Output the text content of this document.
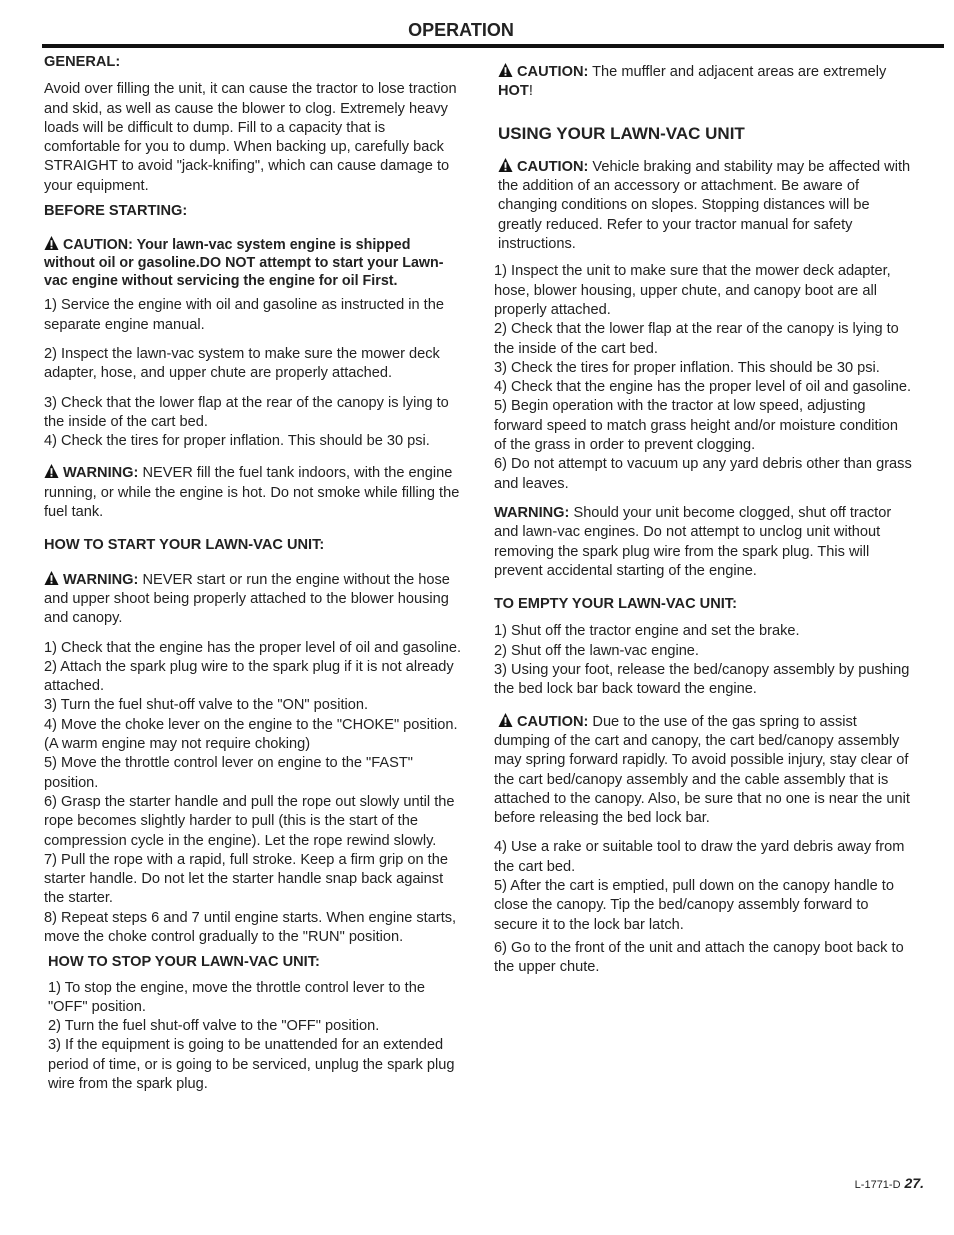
OPERATION

GENERAL:

Avoid over filling the unit, it can cause the tractor to lose traction and skid, as well as cause the blower to clog. Extremely heavy loads will be difficult to dump. Fill to a capacity that is comfortable for you to dump. When backing up, carefully back STRAIGHT to avoid "jack-knifing", which can cause damage to your equipment.

BEFORE STARTING:

CAUTION: Your lawn-vac system engine is shipped without oil or gasoline.DO NOT attempt to start your Lawn-vac engine without servicing the engine for oil First.

1) Service the engine with oil and gasoline as instructed in the separate engine manual.

2) Inspect the lawn-vac system to make sure the mower deck adapter, hose, and upper chute are properly attached.

3) Check that the lower flap at the rear of the canopy is lying to the inside of the cart bed.

4) Check the tires for proper inflation. This should be 30 psi.

WARNING: NEVER fill the fuel tank indoors, with the engine running, or while the engine is hot. Do not smoke while filling the fuel tank.

HOW TO START YOUR LAWN-VAC UNIT:

WARNING: NEVER start or run the engine without the hose and upper shoot being properly attached to the blower housing and canopy.

1) Check that the engine has the proper level of oil and gasoline.

2) Attach the spark plug wire to the spark plug if it is not already attached.

3) Turn the fuel shut-off valve to the "ON" position.

4) Move the choke lever on the engine to the "CHOKE" position. (A warm engine may not require choking)

5) Move the throttle control lever on engine to the "FAST" position.

6) Grasp the starter handle and pull the rope out slowly until the rope becomes slightly harder to pull (this is the start of the compression cycle in the engine). Let the rope rewind slowly.

7) Pull the rope with a rapid, full stroke. Keep a firm grip on the starter handle. Do not let the starter handle snap back against the starter.

8) Repeat steps 6 and 7 until engine starts. When engine starts, move the choke control gradually to the "RUN" position.

HOW TO STOP YOUR LAWN-VAC UNIT:

1) To stop the engine, move the throttle control lever to the "OFF" position.

2) Turn the fuel shut-off valve to the "OFF" position.

3) If the equipment is going to be unattended for an extended period of time, or is going to be serviced, unplug the spark plug wire from the spark plug.

CAUTION: The muffler and adjacent areas are extremely HOT!

USING YOUR LAWN-VAC UNIT

CAUTION: Vehicle braking and stability may be affected with the addition of an accessory or attachment. Be aware of changing conditions on slopes. Stopping distances will be greatly reduced. Refer to your tractor manual for safety instructions.

1) Inspect the unit to make sure that the mower deck adapter, hose, blower housing, upper chute, and canopy boot are all properly attached.

2) Check that the lower flap at the rear of the canopy is lying to the inside of the cart bed.

3) Check the tires for proper inflation. This should be 30 psi.

4) Check that the engine has the proper level of oil and gasoline.

5) Begin operation with the tractor at low speed, adjusting forward speed to match grass height and/or moisture condition of the grass in order to prevent clogging.

6) Do not attempt to vacuum up any yard debris other than grass and leaves.

WARNING: Should your unit become clogged, shut off tractor and lawn-vac engines. Do not attempt to unclog unit without removing the spark plug wire from the spark plug. This will prevent accidental starting of the engine.

TO EMPTY YOUR LAWN-VAC UNIT:

1) Shut off the tractor engine and set the brake.

2) Shut off the lawn-vac engine.

3) Using your foot, release the bed/canopy assembly by pushing the bed lock bar back toward the engine.

CAUTION: Due to the use of the gas spring to assist dumping of the cart and canopy, the cart bed/canopy assembly may spring forward rapidly. To avoid possible injury, stay clear of the cart bed/canopy assembly and the cable assembly that is attached to the canopy. Also, be sure that no one is near the unit before releasing the bed lock bar.

4) Use a rake or suitable tool to draw the yard debris away from the cart bed.

5) After the cart is emptied, pull down on the canopy handle to close the canopy. Tip the bed/canopy assembly forward to secure it to the lock bar latch.

6) Go to the front of the unit and attach the canopy boot back to the upper chute.

L-1771-D 27.
